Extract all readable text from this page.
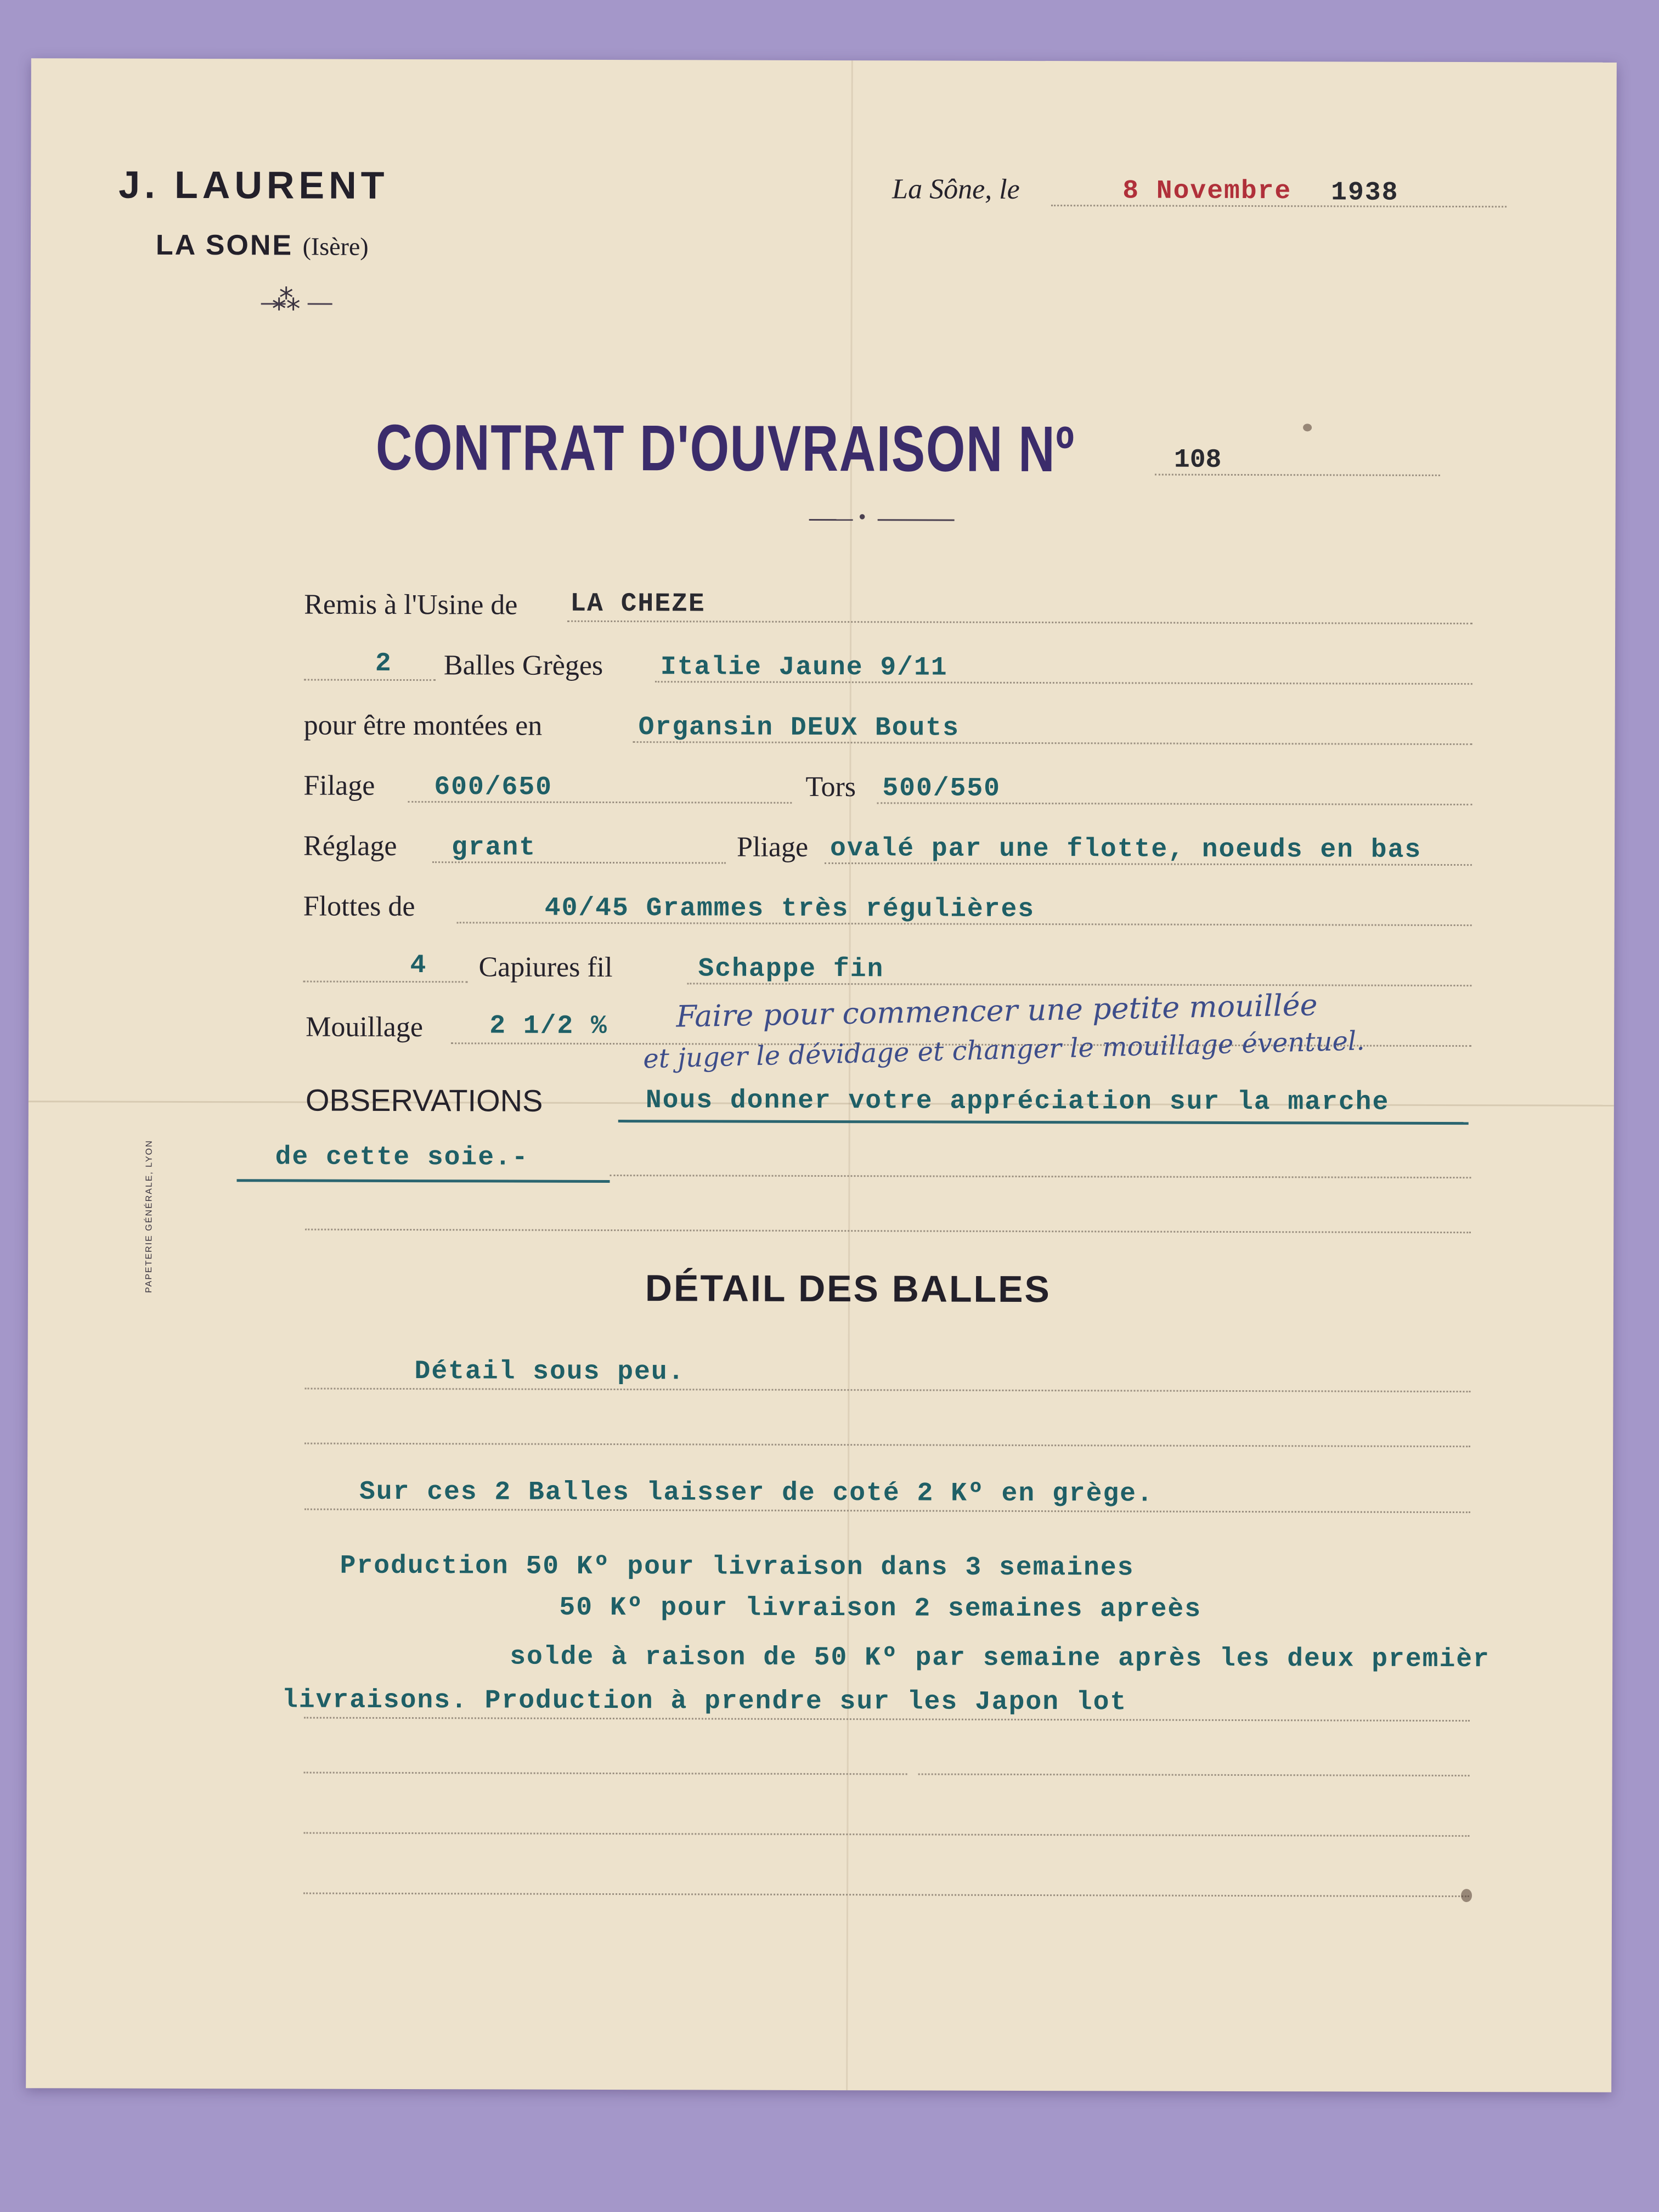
J. LAURENT
LA SONE (Isère)
⁂
La Sône, le	8 Novembre 1938
CONTRAT D'OUVRAISON Nº	108
•
Remis à l'Usine de LA CHEZE
2 Balles Grèges Italie Jaune 9/11
pour être montées en	Organsin DEUX Bouts
Filage 600/650	Tors 500/550
Réglage grant	Pliage ovalé par une flotte, noeuds en bas
Flottes de	40/45 Grammes très régulières
4 Capiures fil	Schappe fin
Mouillage	2 1/2 % Faire pour commencer une petite mouillée
et juger le dévidage et changer le mouillage éventuel.
OBSERVATIONS	Nous donner votre appréciation sur la marche
de cette soie.-
PAPETERIE GÉNÉRALE, LYON	DÉTAIL DES BALLES
Détail sous peu.
Sur ces 2 Balles laisser de coté 2 Kº en grège.
Production 50 Kº pour livraison dans 3 semaines
50 Kº pour livraison 2 semaines apreès
solde à raison de 50 Kº par semaine après les deux premièr
livraisons. Production à prendre sur les Japon lot
